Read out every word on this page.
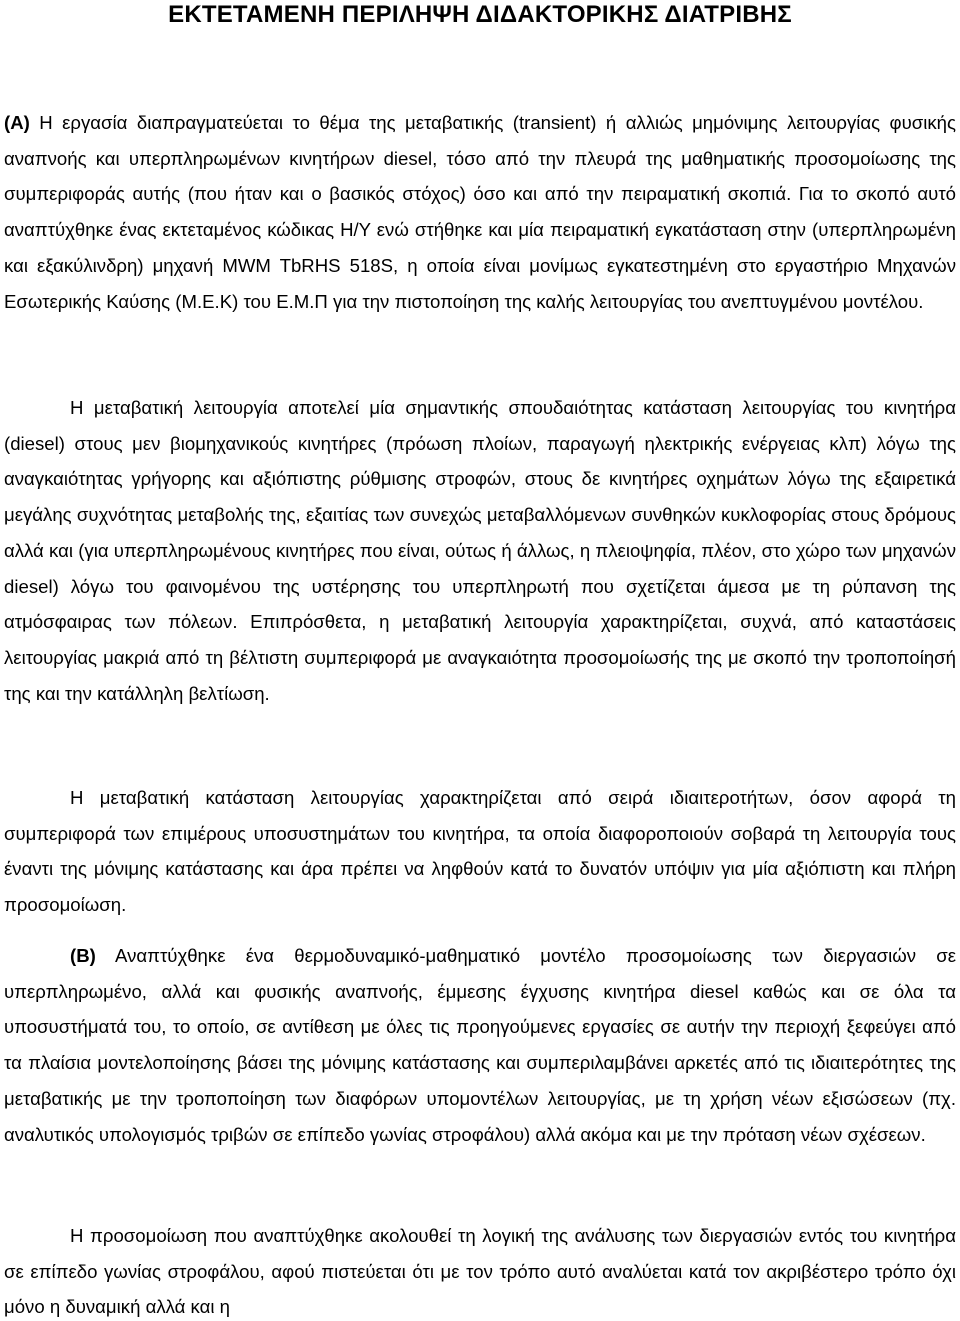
ΕΚΤΕΤΑΜΕΝΗ ΠΕΡΙΛΗΨΗ ΔΙΔΑΚΤΟΡΙΚΗΣ ΔΙΑΤΡΙΒΗΣ

(Α) Η εργασία διαπραγματεύεται το θέμα της μεταβατικής (transient) ή αλλιώς μημόνιμης λειτουργίας φυσικής αναπνοής και υπερπληρωμένων κινητήρων diesel, τόσο από την πλευρά της μαθηματικής προσομοίωσης της συμπεριφοράς αυτής (που ήταν και ο βασικός στόχος) όσο και από την πειραματική σκοπιά. Για το σκοπό αυτό αναπτύχθηκε ένας εκτεταμένος κώδικας Η/Υ ενώ στήθηκε και μία πειραματική εγκατάσταση στην (υπερπληρωμένη και εξακύλινδρη) μηχανή MWM TbRHS 518S, η οποία είναι μονίμως εγκατεστημένη στο εργαστήριο Μηχανών Εσωτερικής Καύσης (Μ.Ε.Κ) του Ε.Μ.Π για την πιστοποίηση της καλής λειτουργίας του ανεπτυγμένου μοντέλου.

Η μεταβατική λειτουργία αποτελεί μία σημαντικής σπουδαιότητας κατάσταση λειτουργίας του κινητήρα (diesel) στους μεν βιομηχανικούς κινητήρες (πρόωση πλοίων, παραγωγή ηλεκτρικής ενέργειας κλπ) λόγω της αναγκαιότητας γρήγορης και αξιόπιστης ρύθμισης στροφών, στους δε κινητήρες οχημάτων λόγω της εξαιρετικά μεγάλης συχνότητας μεταβολής της, εξαιτίας των συνεχώς μεταβαλλόμενων συνθηκών κυκλοφορίας στους δρόμους αλλά και (για υπερπληρωμένους κινητήρες που είναι, ούτως ή άλλως, η πλειοψηφία, πλέον, στο χώρο των μηχανών diesel) λόγω του φαινομένου της υστέρησης του υπερπληρωτή που σχετίζεται άμεσα με τη ρύπανση της ατμόσφαιρας των πόλεων. Επιπρόσθετα, η μεταβατική λειτουργία χαρακτηρίζεται, συχνά, από καταστάσεις λειτουργίας μακριά από τη βέλτιστη συμπεριφορά με αναγκαιότητα προσομοίωσής της με σκοπό την τροποποίησή της και την κατάλληλη βελτίωση.

Η μεταβατική κατάσταση λειτουργίας χαρακτηρίζεται από σειρά ιδιαιτεροτήτων, όσον αφορά τη συμπεριφορά των επιμέρους υποσυστημάτων του κινητήρα, τα οποία διαφοροποιούν σοβαρά τη λειτουργία τους έναντι της μόνιμης κατάστασης και άρα πρέπει να ληφθούν κατά το δυνατόν υπόψιν για μία αξιόπιστη και πλήρη προσομοίωση.

(Β) Αναπτύχθηκε ένα θερμοδυναμικό-μαθηματικό μοντέλο προσομοίωσης των διεργασιών σε υπερπληρωμένο, αλλά και φυσικής αναπνοής, έμμεσης έγχυσης κινητήρα diesel καθώς και σε όλα τα υποσυστήματά του, το οποίο, σε αντίθεση με όλες τις προηγούμενες εργασίες σε αυτήν την περιοχή ξεφεύγει από τα πλαίσια μοντελοποίησης βάσει της μόνιμης κατάστασης και συμπεριλαμβάνει αρκετές από τις ιδιαιτερότητες της μεταβατικής με την τροποποίηση των διαφόρων υπομοντέλων λειτουργίας, με τη χρήση νέων εξισώσεων (πχ. αναλυτικός υπολογισμός τριβών σε επίπεδο γωνίας στροφάλου) αλλά ακόμα και με την πρόταση νέων σχέσεων.

Η προσομοίωση που αναπτύχθηκε ακολουθεί τη λογική της ανάλυσης των διεργασιών εντός του κινητήρα σε επίπεδο γωνίας στροφάλου, αφού πιστεύεται ότι με τον τρόπο αυτό αναλύεται κατά τον ακριβέστερο τρόπο όχι μόνο η δυναμική αλλά και η
